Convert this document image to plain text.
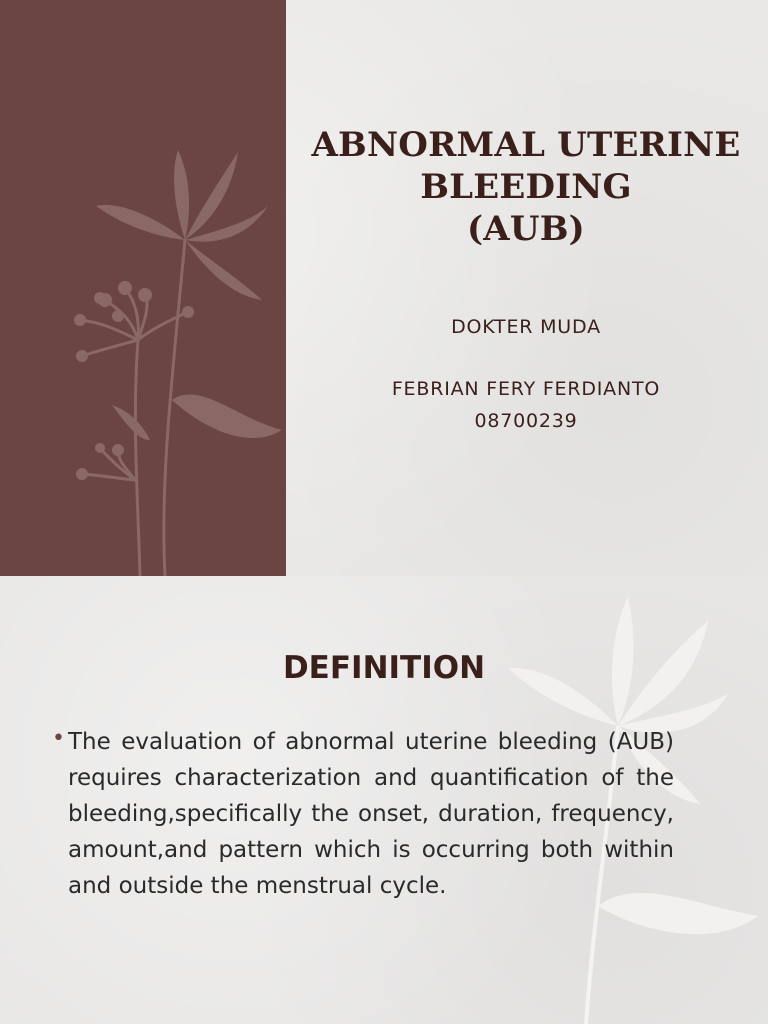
ABNORMAL UTERINE
BLEEDING
(AUB)
DOKTER MUDA
FEBRIAN FERY FERDIANTO
08700239
DEFINITION
• The evaluation of abnormal uterine bleeding (AUB) requires characterization and quantification of the bleeding,specifically the onset, duration, frequency, amount,and pattern which is occurring both within and outside the menstrual cycle.
